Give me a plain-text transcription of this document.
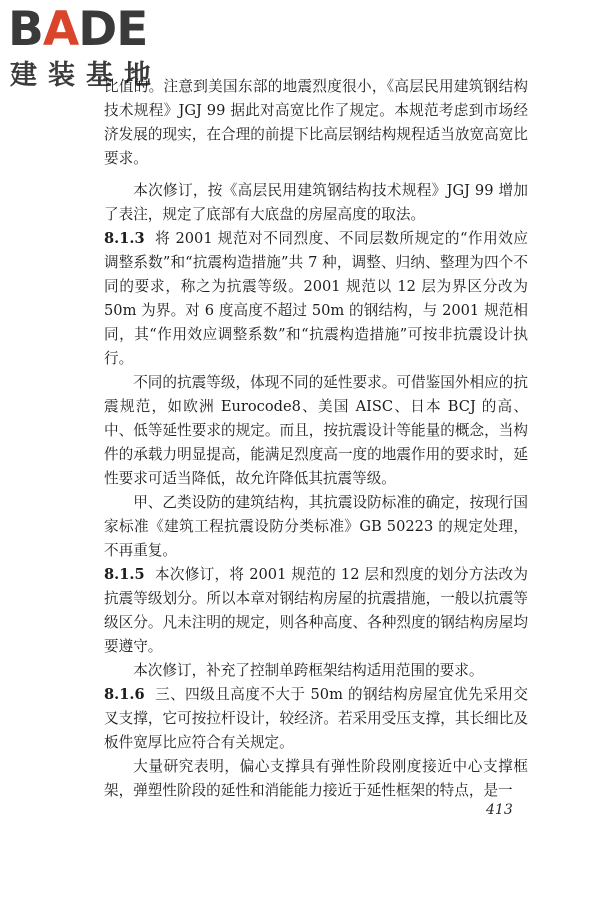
BADE
建装基地

比值的。注意到美国东部的地震烈度很小，《高层民用建筑钢结构技术规程》JGJ 99 据此对高宽比作了规定。本规范考虑到市场经济发展的现实，在合理的前提下比高层钢结构规程适当放宽高宽比要求。

本次修订，按《高层民用建筑钢结构技术规程》JGJ 99 增加了表注，规定了底部有大底盘的房屋高度的取法。

8.1.3 将 2001 规范对不同烈度、不同层数所规定的“作用效应调整系数”和“抗震构造措施”共 7 种，调整、归纳、整理为四个不同的要求，称之为抗震等级。2001 规范以 12 层为界区分改为 50m 为界。对 6 度高度不超过 50m 的钢结构，与 2001 规范相同，其“作用效应调整系数”和“抗震构造措施”可按非抗震设计执行。

不同的抗震等级，体现不同的延性要求。可借鉴国外相应的抗震规范，如欧洲 Eurocode8、美国 AISC、日本 BCJ 的高、中、低等延性要求的规定。而且，按抗震设计等能量的概念，当构件的承载力明显提高，能满足烈度高一度的地震作用的要求时，延性要求可适当降低，故允许降低其抗震等级。

甲、乙类设防的建筑结构，其抗震设防标准的确定，按现行国家标准《建筑工程抗震设防分类标准》GB 50223 的规定处理，不再重复。

8.1.5 本次修订，将 2001 规范的 12 层和烈度的划分方法改为抗震等级划分。所以本章对钢结构房屋的抗震措施，一般以抗震等级区分。凡未注明的规定，则各种高度、各种烈度的钢结构房屋均要遵守。

本次修订，补充了控制单跨框架结构适用范围的要求。

8.1.6 三、四级且高度不大于 50m 的钢结构房屋宜优先采用交叉支撑，它可按拉杆设计，较经济。若采用受压支撑，其长细比及板件宽厚比应符合有关规定。

大量研究表明，偏心支撑具有弹性阶段刚度接近中心支撑框架，弹塑性阶段的延性和消能能力接近于延性框架的特点，是一

413
